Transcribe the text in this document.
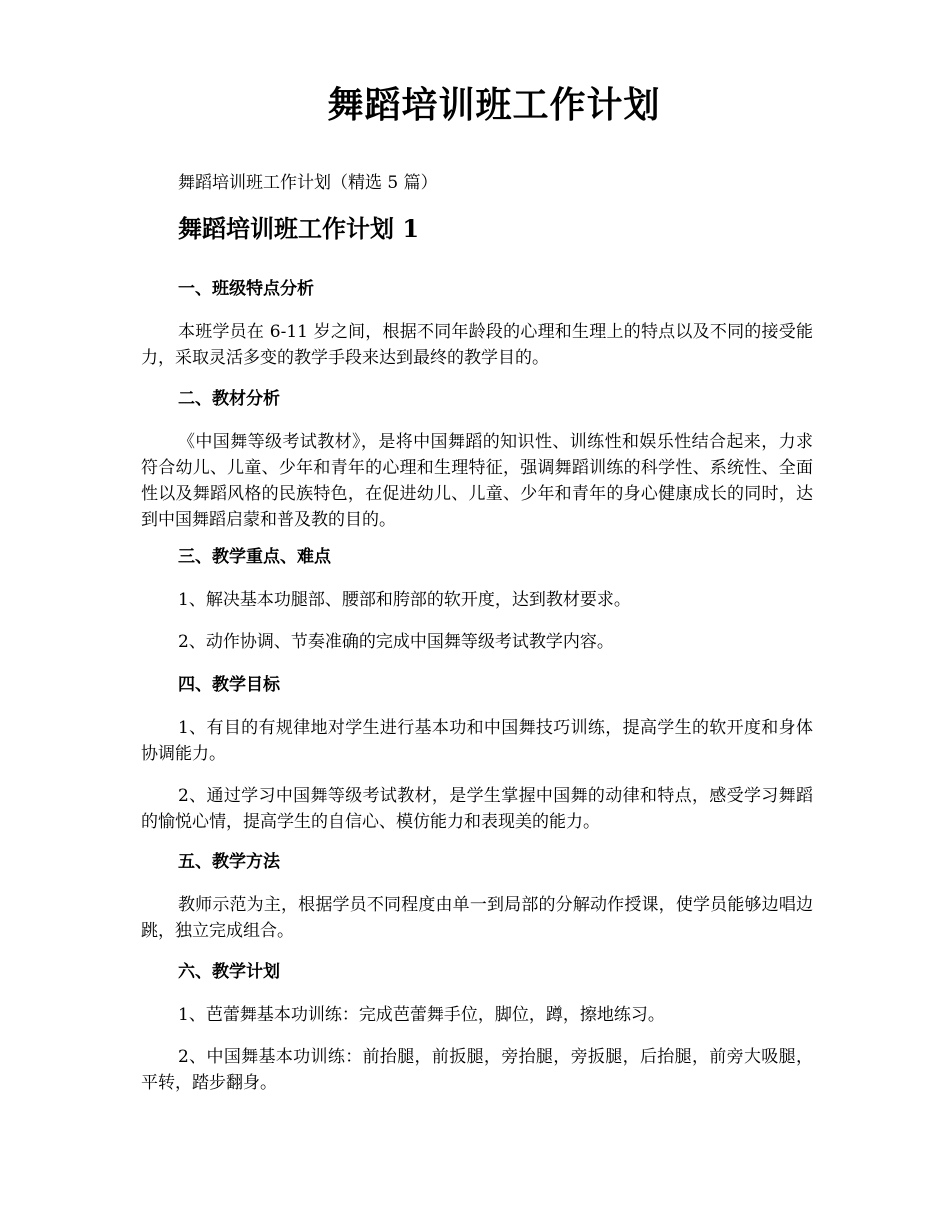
舞蹈培训班工作计划
舞蹈培训班工作计划（精选 5 篇）
舞蹈培训班工作计划 1
一、班级特点分析
本班学员在 6-11 岁之间，根据不同年龄段的心理和生理上的特点以及不同的接受能力，采取灵活多变的教学手段来达到最终的教学目的。
二、教材分析
《中国舞等级考试教材》，是将中国舞蹈的知识性、训练性和娱乐性结合起来，力求符合幼儿、儿童、少年和青年的心理和生理特征，强调舞蹈训练的科学性、系统性、全面性以及舞蹈风格的民族特色，在促进幼儿、儿童、少年和青年的身心健康成长的同时，达到中国舞蹈启蒙和普及教的目的。
三、教学重点、难点
1、解决基本功腿部、腰部和胯部的软开度，达到教材要求。
2、动作协调、节奏准确的完成中国舞等级考试教学内容。
四、教学目标
1、有目的有规律地对学生进行基本功和中国舞技巧训练，提高学生的软开度和身体协调能力。
2、通过学习中国舞等级考试教材，是学生掌握中国舞的动律和特点，感受学习舞蹈的愉悦心情，提高学生的自信心、模仿能力和表现美的能力。
五、教学方法
教师示范为主，根据学员不同程度由单一到局部的分解动作授课，使学员能够边唱边跳，独立完成组合。
六、教学计划
1、芭蕾舞基本功训练：完成芭蕾舞手位，脚位，蹲，擦地练习。
2、中国舞基本功训练：前抬腿，前扳腿，旁抬腿，旁扳腿，后抬腿，前旁大吸腿，平转，踏步翻身。
